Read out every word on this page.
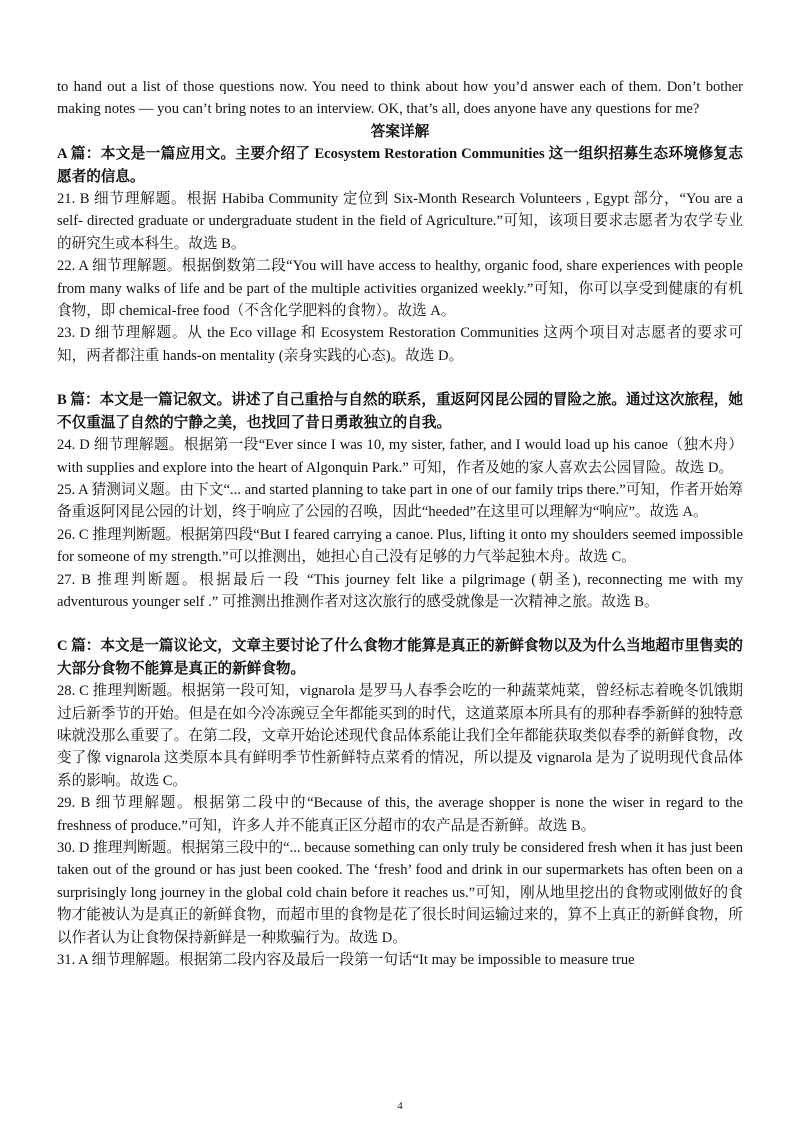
to hand out a list of those questions now. You need to think about how you’d answer each of them. Don’t bother making notes — you can’t bring notes to an interview. OK, that’s all, does anyone have any questions for me?

答案详解

A 篇：本文是一篇应用文。主要介绍了 Ecosystem Restoration Communities 这一组织招募生态环境修复志愿者的信息。

21. B 细节理解题。根据 Habiba Community 定位到 Six-Month Research Volunteers , Egypt 部分，“You are a self- directed graduate or undergraduate student in the field of Agriculture.”可知，该项目要求志愿者为农学专业的研究生或本科生。故选 B。

22. A 细节理解题。根据倒数第二段“You will have access to healthy, organic food, share experiences with people from many walks of life and be part of the multiple activities organized weekly.”可知，你可以享受到健康的有机食物，即 chemical-free food（不含化学肥料的食物）。故选 A。

23. D 细节理解题。从 the Eco village 和 Ecosystem Restoration Communities 这两个项目对志愿者的要求可知，两者都注重 hands-on mentality (亲身实践的心态)。故选 D。

B 篇：本文是一篇记叙文。讲述了自己重拾与自然的联系，重返阿冈昆公园的冒险之旅。通过这次旅程，她不仅重温了自然的宁静之美，也找回了昔日勇敢独立的自我。

24. D 细节理解题。根据第一段“Ever since I was 10, my sister, father, and I would load up his canoe（独木舟）with supplies and explore into the heart of Algonquin Park.” 可知，作者及她的家人喜欢去公园冒险。故选 D。

25. A 猜测词义题。由下文“... and started planning to take part in one of our family trips there.”可知，作者开始筹备重返阿冈昆公园的计划，终于响应了公园的召唤，因此“heeded”在这里可以理解为“响应”。故选 A。

26. C 推理判断题。根据第四段“But I feared carrying a canoe. Plus, lifting it onto my shoulders seemed impossible for someone of my strength.”可以推测出，她担心自己没有足够的力气举起独木舟。故选 C。

27. B 推理判断题。根据最后一段 “This journey felt like a pilgrimage (朝圣), reconnecting me with my adventurous younger self .” 可推测出推测作者对这次旅行的感受就像是一次精神之旅。故选 B。

C 篇：本文是一篇议论文，文章主要讨论了什么食物才能算是真正的新鲜食物以及为什么当地超市里售卖的大部分食物不能算是真正的新鲜食物。

28. C 推理判断题。根据第一段可知，vignarola 是罗马人春季会吃的一种蔬菜炖菜，曾经标志着晚冬饥饿期过后新季节的开始。但是在如今冷冻豌豆全年都能买到的时代，这道菜原本所具有的那种春季新鲜的独特意味就没那么重要了。在第二段，文章开始论述现代食品体系能让我们全年都能获取类似春季的新鲜食物，改变了像 vignarola 这类原本具有鲜明季节性新鲜特点菜肴的情况，所以提及 vignarola 是为了说明现代食品体系的影响。故选 C。

29. B 细节理解题。根据第二段中的“Because of this, the average shopper is none the wiser in regard to the freshness of produce.”可知，许多人并不能真正区分超市的农产品是否新鲜。故选 B。

30. D 推理判断题。根据第三段中的“... because something can only truly be considered fresh when it has just been taken out of the ground or has just been cooked. The ‘fresh’ food and drink in our supermarkets has often been on a surprisingly long journey in the global cold chain before it reaches us.”可知，刚从地里挖出的食物或刚做好的食物才能被认为是真正的新鲜食物，而超市里的食物是花了很长时间运输过来的，算不上真正的新鲜食物，所以作者认为让食物保持新鲜是一种欺骗行为。故选 D。

31. A 细节理解题。根据第二段内容及最后一段第一句话“It may be impossible to measure true

4
